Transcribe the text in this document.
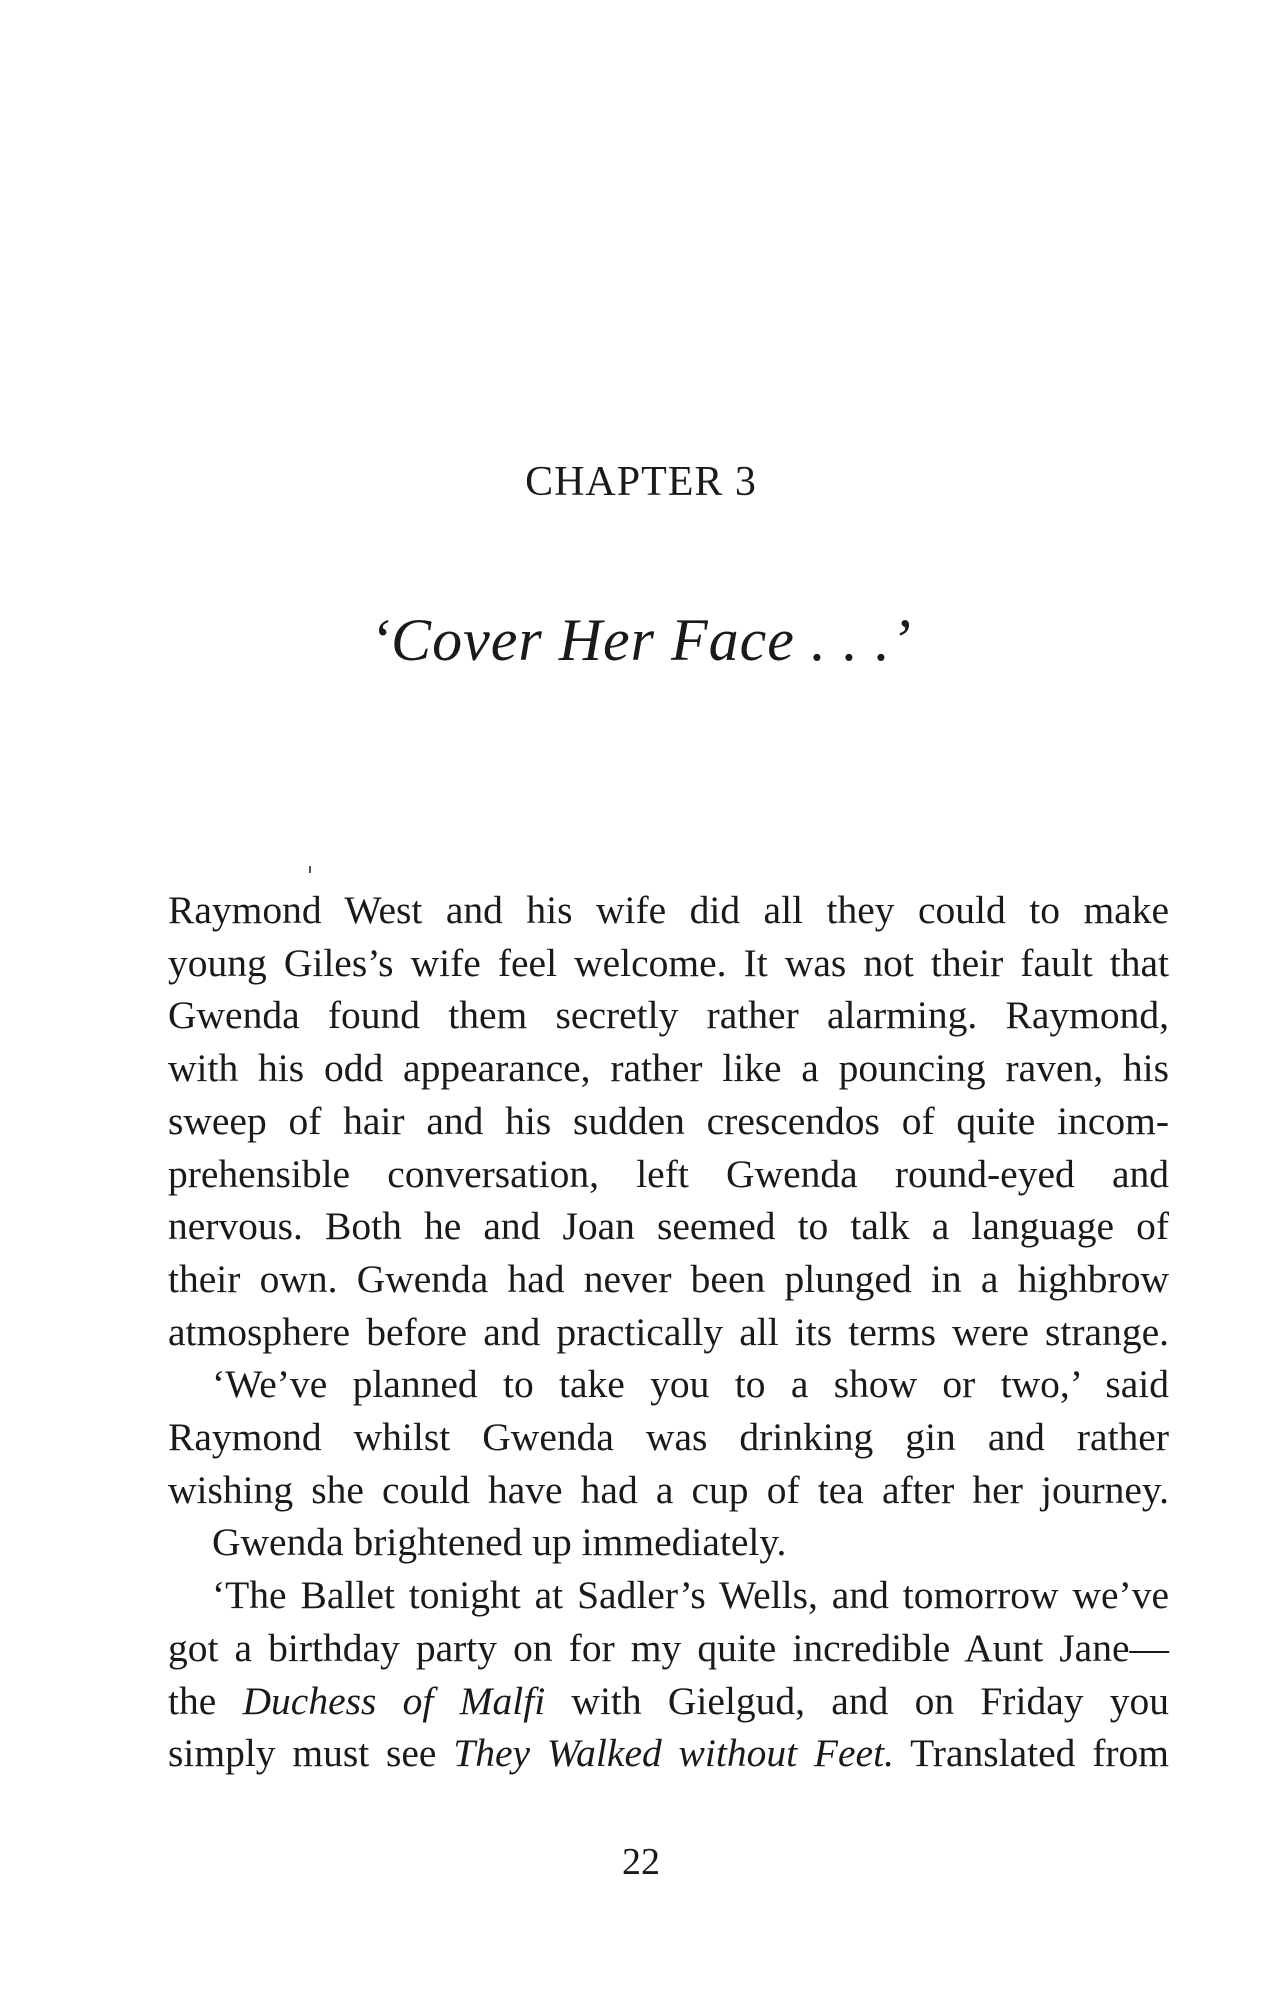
CHAPTER 3
‘Cover Her Face . . .’

Raymond West and his wife did all they could to make

young Giles’s wife feel welcome. It was not their fault that

Gwenda found them secretly rather alarming. Raymond,

with his odd appearance, rather like a pouncing raven, his

sweep of hair and his sudden crescendos of quite incom-

prehensible conversation, left Gwenda round-eyed and

nervous. Both he and Joan seemed to talk a language of

their own. Gwenda had never been plunged in a highbrow

atmosphere before and practically all its terms were strange.

‘We’ve planned to take you to a show or two,’ said

Raymond whilst Gwenda was drinking gin and rather

wishing she could have had a cup of tea after her journey.

Gwenda brightened up immediately.

‘The Ballet tonight at Sadler’s Wells, and tomorrow we’ve

got a birthday party on for my quite incredible Aunt Jane—

the Duchess of Malfi with Gielgud, and on Friday you

simply must see They Walked without Feet. Translated from

22
